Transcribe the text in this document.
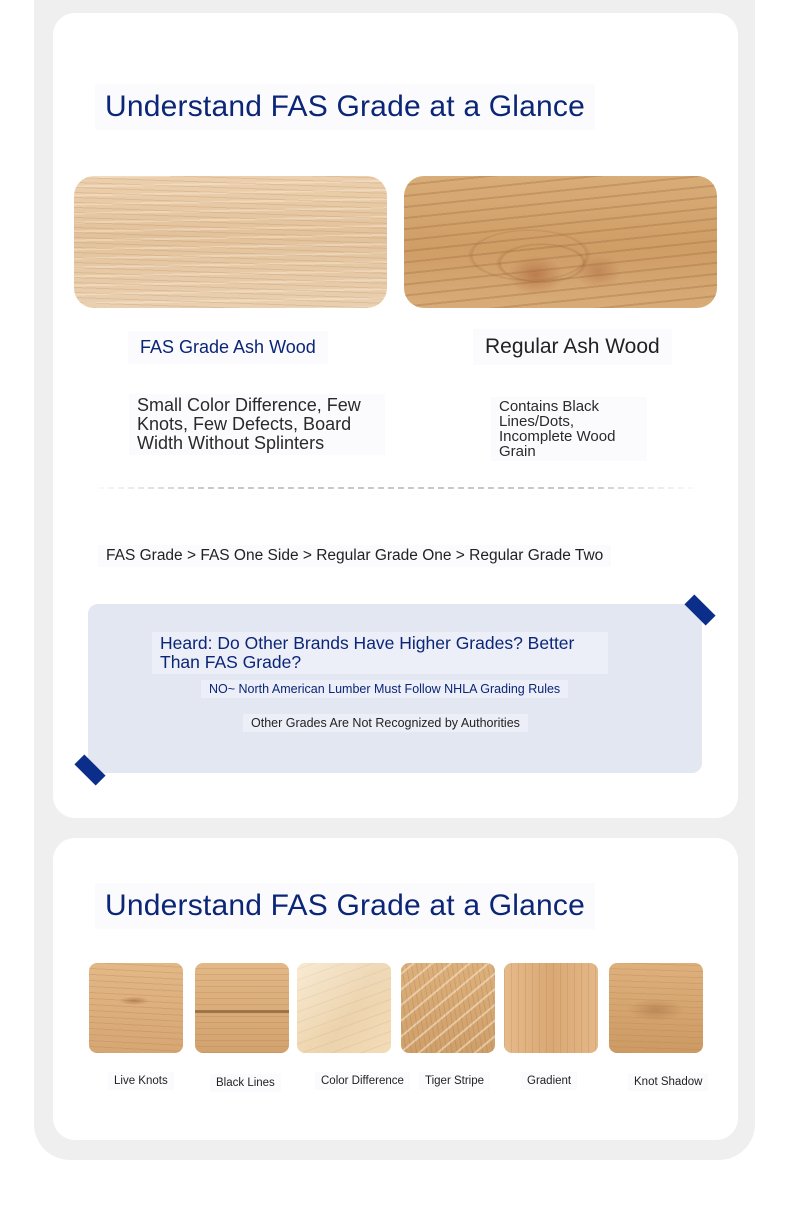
Understand FAS Grade at a Glance
FAS Grade Ash Wood	Regular Ash Wood
Small Color Difference, Few Knots, Few Defects, Board Width Without Splinters
Contains Black Lines/Dots, Incomplete Wood Grain
FAS Grade > FAS One Side > Regular Grade One > Regular Grade Two
Heard: Do Other Brands Have Higher Grades? Better Than FAS Grade?
NO~ North American Lumber Must Follow NHLA Grading Rules
Other Grades Are Not Recognized by Authorities
Understand FAS Grade at a Glance
Live Knots	Black Lines	Color Difference	Tiger Stripe	Gradient	Knot Shadow
